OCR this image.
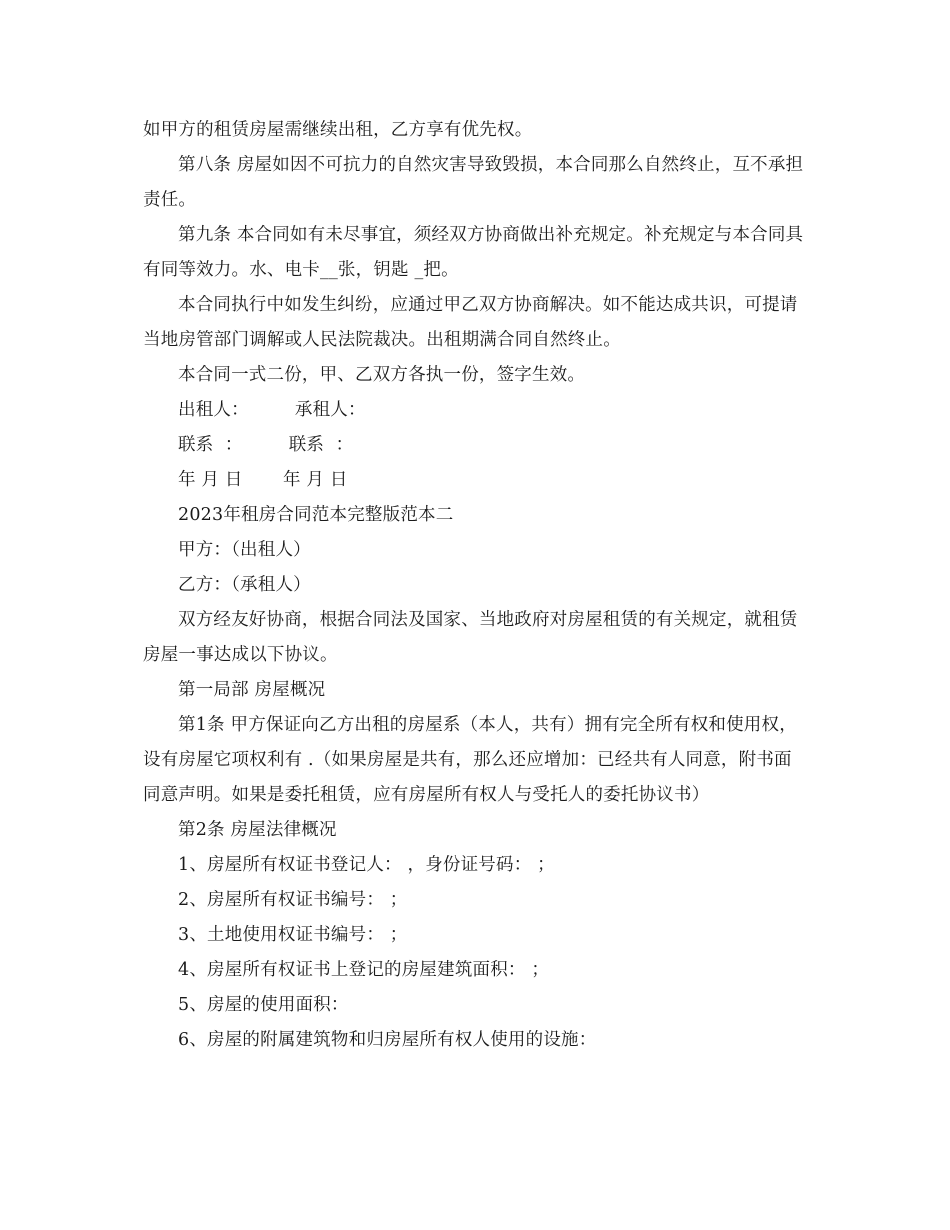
如甲方的租赁房屋需继续出租，乙方享有优先权。

第八条 房屋如因不可抗力的自然灾害导致毁损，本合同那么自然终止，互不承担责任。

第九条 本合同如有未尽事宜，须经双方协商做出补充规定。补充规定与本合同具有同等效力。水、电卡__张，钥匙 _把。

本合同执行中如发生纠纷，应通过甲乙双方协商解决。如不能达成共识，可提请当地房管部门调解或人民法院裁决。出租期满合同自然终止。

本合同一式二份，甲、乙双方各执一份，签字生效。

出租人：        承租人：

联系  ：        联系  ：

年 月 日       年 月 日

2023年租房合同范本完整版范本二

甲方：（出租人）

乙方：（承租人）

双方经友好协商，根据合同法及国家、当地政府对房屋租赁的有关规定，就租赁房屋一事达成以下协议。

第一局部 房屋概况

第1条 甲方保证向乙方出租的房屋系（本人，共有）拥有完全所有权和使用权，设有房屋它项权利有 .（如果房屋是共有，那么还应增加：已经共有人同意，附书面同意声明。如果是委托租赁，应有房屋所有权人与受托人的委托协议书）

第2条 房屋法律概况

1、房屋所有权证书登记人： ，身份证号码： ；

2、房屋所有权证书编号： ；

3、土地使用权证书编号： ；

4、房屋所有权证书上登记的房屋建筑面积： ；

5、房屋的使用面积：

6、房屋的附属建筑物和归房屋所有权人使用的设施：
